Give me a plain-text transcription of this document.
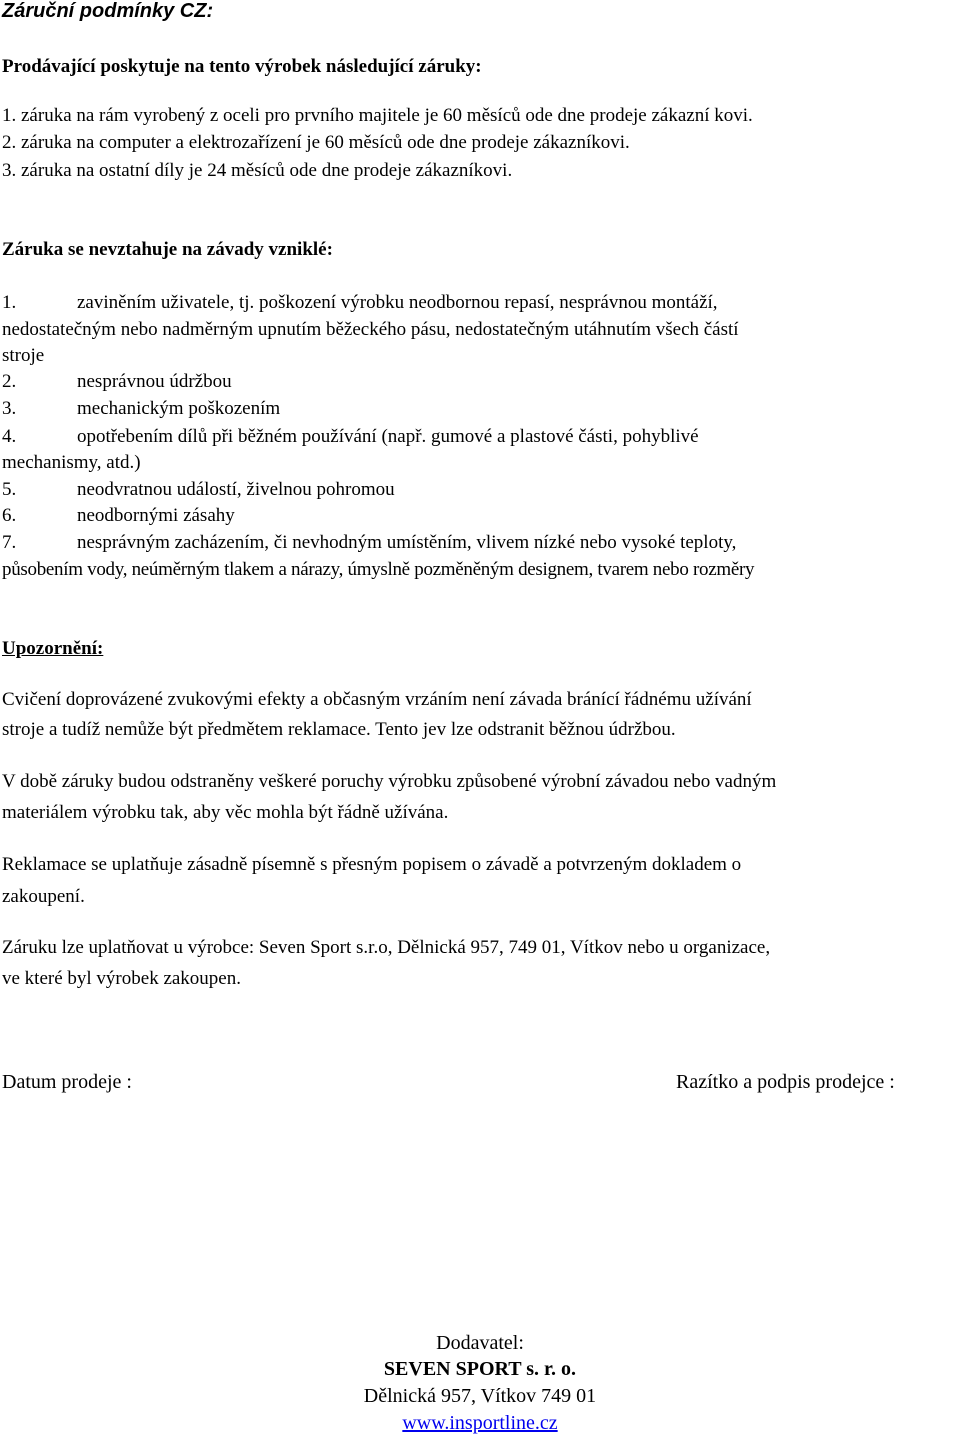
Záruční podmínky CZ:
Prodávající poskytuje na tento výrobek následující záruky:
1. záruka na rám vyrobený z oceli pro prvního majitele je 60 měsíců ode dne prodeje zákazní kovi.
2. záruka na computer a elektrozařízení je 60 měsíců ode dne prodeje zákazníkovi.
3. záruka na ostatní díly je 24 měsíců ode dne prodeje zákazníkovi.
Záruka se nevztahuje na závady vzniklé:
1.	zaviněním uživatele, tj. poškození výrobku neodbornou repasí, nesprávnou montáží,
nedostatečným nebo nadměrným upnutím běžeckého pásu, nedostatečným utáhnutím všech částí
stroje
2.	nesprávnou údržbou
3.	mechanickým poškozením
4.	opotřebením dílů při běžném používání (např. gumové a plastové části, pohyblivé
mechanismy, atd.)
5.	neodvratnou událostí, živelnou pohromou
6.	neodbornými zásahy
7.	nesprávným zacházením, či nevhodným umístěním, vlivem nízké nebo vysoké teploty,
působením vody, neúměrným tlakem a nárazy, úmyslně pozměněným designem, tvarem nebo rozměry
Upozornění:
Cvičení doprovázené zvukovými efekty a občasným vrzáním není závada bránící řádnému užívání
stroje a tudíž nemůže být předmětem reklamace. Tento jev lze odstranit běžnou údržbou.
V době záruky budou odstraněny veškeré poruchy výrobku způsobené výrobní závadou nebo vadným
materiálem výrobku tak, aby věc mohla být řádně užívána.
Reklamace se uplatňuje zásadně písemně s přesným popisem o závadě a potvrzeným dokladem o
zakoupení.
Záruku lze uplatňovat u výrobce: Seven Sport s.r.o, Dělnická 957, 749 01, Vítkov nebo u organizace,
ve které byl výrobek zakoupen.
Datum prodeje :	Razítko a podpis prodejce :
Dodavatel:
SEVEN SPORT s. r. o.
Dělnická 957, Vítkov 749 01
www.insportline.cz
